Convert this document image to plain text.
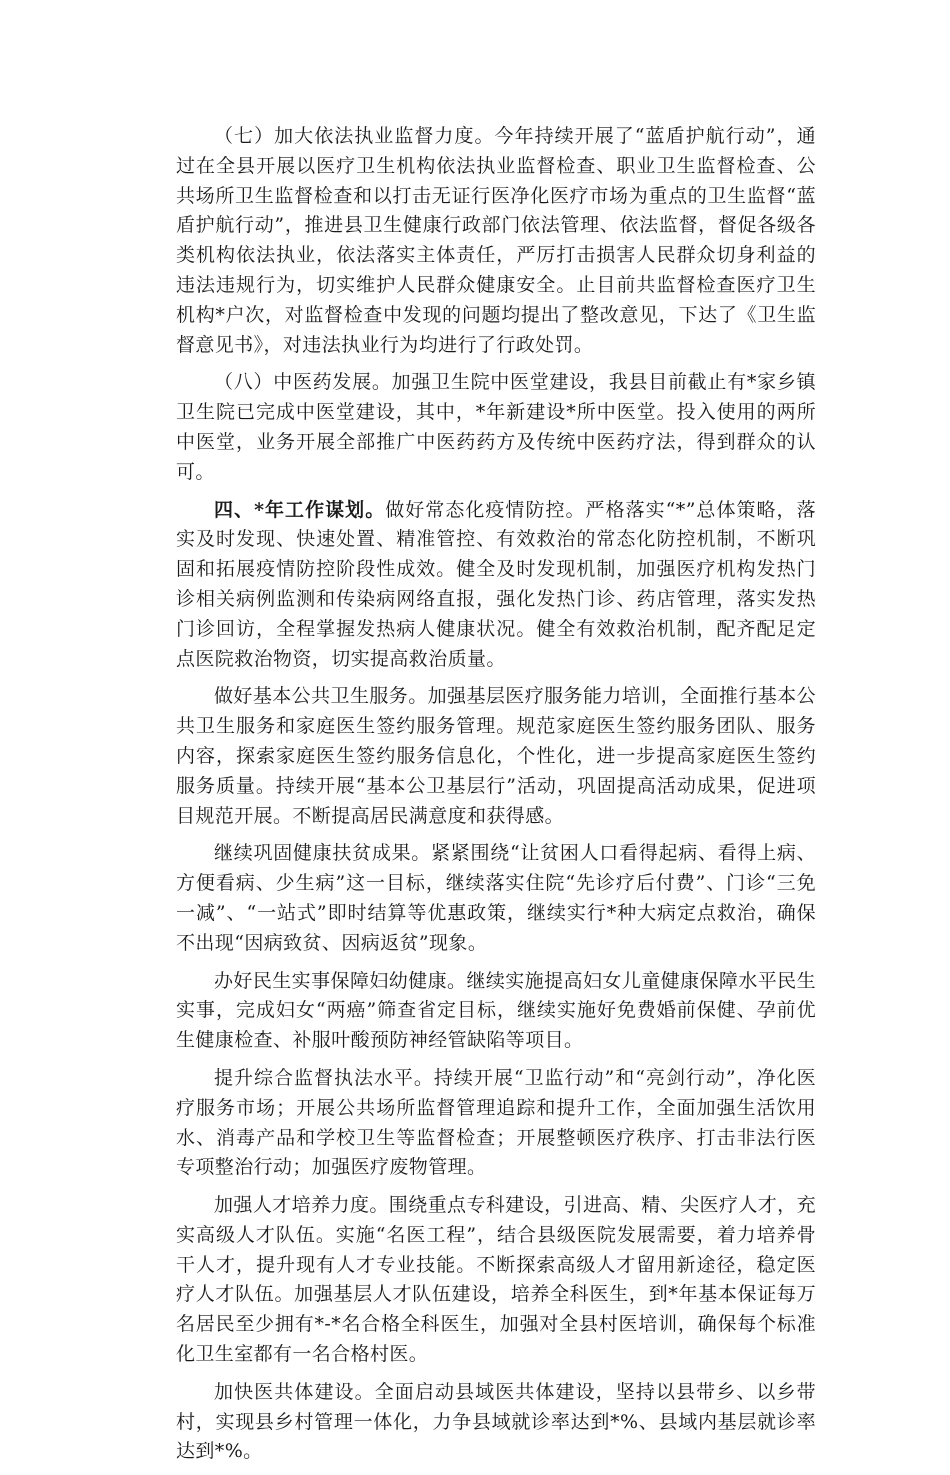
（七）加大依法执业监督力度。今年持续开展了“蓝盾护航行动”，通过在全县开展以医疗卫生机构依法执业监督检查、职业卫生监督检查、公共场所卫生监督检查和以打击无证行医净化医疗市场为重点的卫生监督“蓝盾护航行动”，推进县卫生健康行政部门依法管理、依法监督，督促各级各类机构依法执业，依法落实主体责任，严厉打击损害人民群众切身利益的违法违规行为，切实维护人民群众健康安全。止目前共监督检查医疗卫生机构*户次，对监督检查中发现的问题均提出了整改意见，下达了《卫生监督意见书》，对违法执业行为均进行了行政处罚。

（八）中医药发展。加强卫生院中医堂建设，我县目前截止有*家乡镇卫生院已完成中医堂建设，其中，*年新建设*所中医堂。投入使用的两所中医堂，业务开展全部推广中医药药方及传统中医药疗法，得到群众的认可。

四、*年工作谋划。做好常态化疫情防控。严格落实“*”总体策略，落实及时发现、快速处置、精准管控、有效救治的常态化防控机制，不断巩固和拓展疫情防控阶段性成效。健全及时发现机制，加强医疗机构发热门诊相关病例监测和传染病网络直报，强化发热门诊、药店管理，落实发热门诊回访，全程掌握发热病人健康状况。健全有效救治机制，配齐配足定点医院救治物资，切实提高救治质量。

做好基本公共卫生服务。加强基层医疗服务能力培训，全面推行基本公共卫生服务和家庭医生签约服务管理。规范家庭医生签约服务团队、服务内容，探索家庭医生签约服务信息化，个性化，进一步提高家庭医生签约服务质量。持续开展“基本公卫基层行”活动，巩固提高活动成果，促进项目规范开展。不断提高居民满意度和获得感。

继续巩固健康扶贫成果。紧紧围绕“让贫困人口看得起病、看得上病、方便看病、少生病”这一目标，继续落实住院“先诊疗后付费”、门诊“三免一减”、“一站式”即时结算等优惠政策，继续实行*种大病定点救治，确保不出现“因病致贫、因病返贫”现象。

办好民生实事保障妇幼健康。继续实施提高妇女儿童健康保障水平民生实事，完成妇女“两癌”筛查省定目标，继续实施好免费婚前保健、孕前优生健康检查、补服叶酸预防神经管缺陷等项目。

提升综合监督执法水平。持续开展“卫监行动”和“亮剑行动”，净化医疗服务市场；开展公共场所监督管理追踪和提升工作，全面加强生活饮用水、消毒产品和学校卫生等监督检查；开展整顿医疗秩序、打击非法行医专项整治行动；加强医疗废物管理。

加强人才培养力度。围绕重点专科建设，引进高、精、尖医疗人才，充实高级人才队伍。实施“名医工程”，结合县级医院发展需要，着力培养骨干人才，提升现有人才专业技能。不断探索高级人才留用新途径，稳定医疗人才队伍。加强基层人才队伍建设，培养全科医生，到*年基本保证每万名居民至少拥有*-*名合格全科医生，加强对全县村医培训，确保每个标准化卫生室都有一名合格村医。

加快医共体建设。全面启动县域医共体建设，坚持以县带乡、以乡带村，实现县乡村管理一体化，力争县域就诊率达到*%、县域内基层就诊率达到*%。
